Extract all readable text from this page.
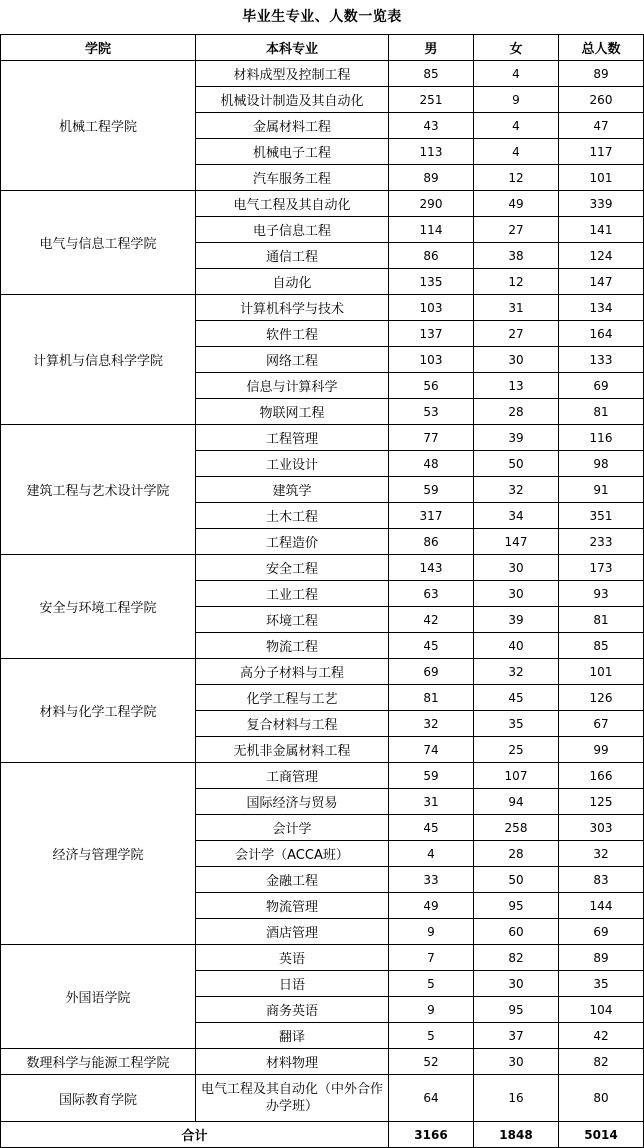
毕业生专业、人数一览表
学院	本科专业	男	女	总人数
机械工程学院	材料成型及控制工程	85	4	89
	机械设计制造及其自动化	251	9	260
	金属材料工程	43	4	47
	机械电子工程	113	4	117
	汽车服务工程	89	12	101
电气与信息工程学院	电气工程及其自动化	290	49	339
	电子信息工程	114	27	141
	通信工程	86	38	124
	自动化	135	12	147
计算机与信息科学学院	计算机科学与技术	103	31	134
	软件工程	137	27	164
	网络工程	103	30	133
	信息与计算科学	56	13	69
	物联网工程	53	28	81
建筑工程与艺术设计学院	工程管理	77	39	116
	工业设计	48	50	98
	建筑学	59	32	91
	土木工程	317	34	351
	工程造价	86	147	233
安全与环境工程学院	安全工程	143	30	173
	工业工程	63	30	93
	环境工程	42	39	81
	物流工程	45	40	85
材料与化学工程学院	高分子材料与工程	69	32	101
	化学工程与工艺	81	45	126
	复合材料与工程	32	35	67
	无机非金属材料工程	74	25	99
经济与管理学院	工商管理	59	107	166
	国际经济与贸易	31	94	125
	会计学	45	258	303
	会计学（ACCA班）	4	28	32
	金融工程	33	50	83
	物流管理	49	95	144
	酒店管理	9	60	69
外国语学院	英语	7	82	89
	日语	5	30	35
	商务英语	9	95	104
	翻译	5	37	42
数理科学与能源工程学院	材料物理	52	30	82
国际教育学院	电气工程及其自动化（中外合作办学班）	64	16	80
合计		3166	1848	5014
